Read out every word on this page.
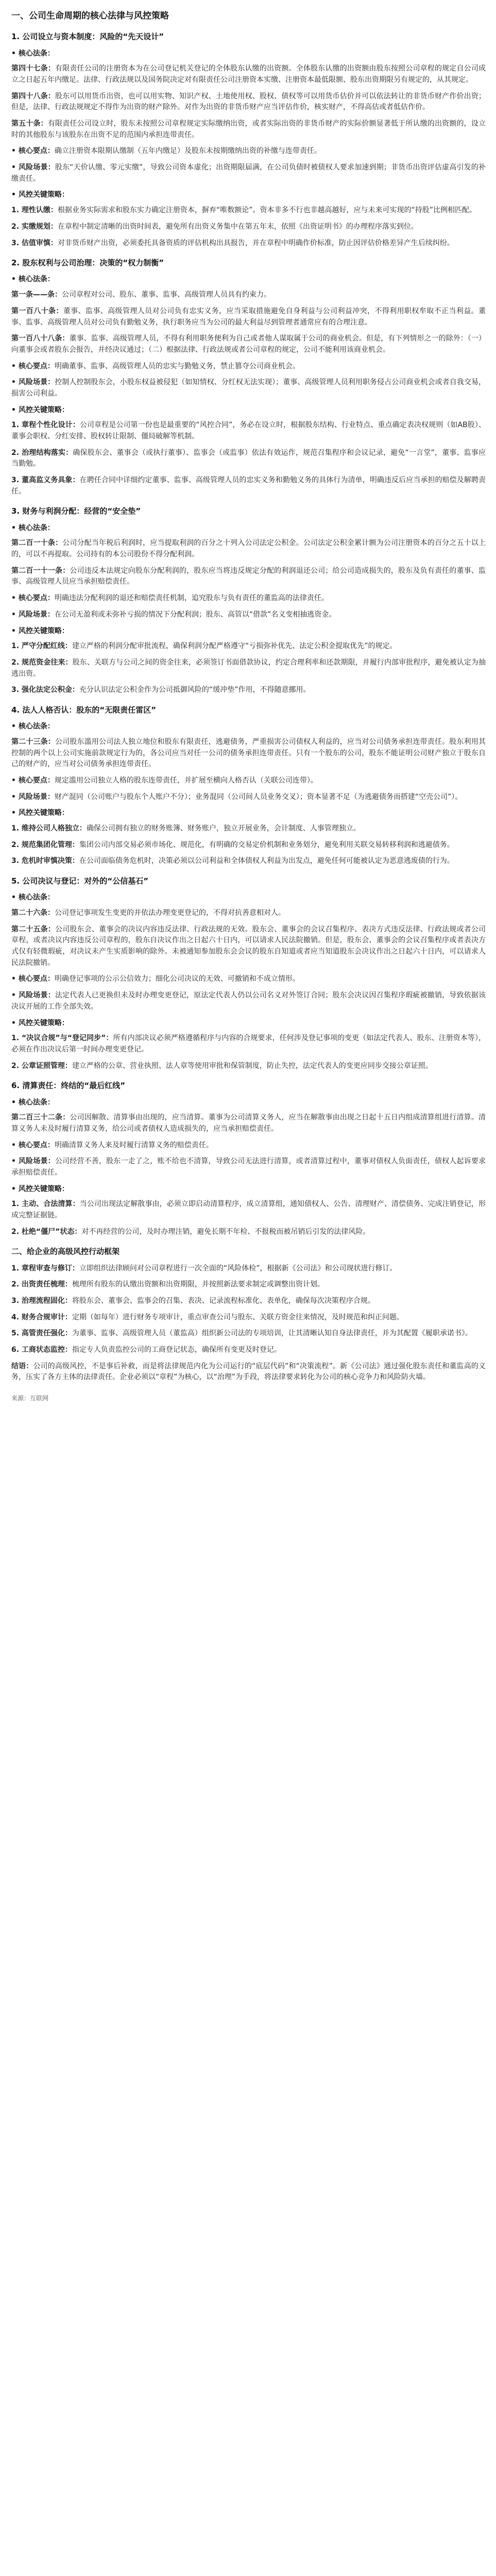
一、公司生命周期的核心法律与风控策略
1. 公司设立与资本制度：风险的“先天设计”
• 核心法条：
第四十七条：有限责任公司的注册资本为在公司登记机关登记的全体股东认缴的出资额。全体股东认缴的出资额由股东按照公司章程的规定自公司成立之日起五年内缴足。法律、行政法规以及国务院决定对有限责任公司注册资本实缴、注册资本最低限额、股东出资期限另有规定的，从其规定。
第四十八条：股东可以用货币出资，也可以用实物、知识产权、土地使用权、股权、债权等可以用货币估价并可以依法转让的非货币财产作价出资；但是，法律、行政法规规定不得作为出资的财产除外。对作为出资的非货币财产应当评估作价，核实财产，不得高估或者低估作价。
第五十条：有限责任公司设立时，股东未按照公司章程规定实际缴纳出资，或者实际出资的非货币财产的实际价额显著低于所认缴的出资额的，设立时的其他股东与该股东在出资不足的范围内承担连带责任。
• 核心要点：确立注册资本限期认缴制（五年内缴足）及股东未按期缴纳出资的补缴与连带责任。
• 风险场景：股东“天价认缴、零元实缴”，导致公司资本虚化；出资期限届满，在公司负债时被债权人要求加速到期；非货币出资评估虚高引发的补缴责任。
• 风控关键策略：
1. 理性认缴：根据业务实际需求和股东实力确定注册资本，摒弃“唯数额论”。资本非多不行也非越高越好，应与未来可实现的“持股”比例相匹配。
2. 实缴规划：在章程中制定清晰的出资时间表，避免所有出资义务集中在第五年末，依照《出资证明书》的办理程序落实到位。
3. 估值审慎：对非货币财产出资，必须委托具备资质的评估机构出具报告，并在章程中明确作价标准，防止因评估价格差异产生后续纠纷。
2. 股东权利与公司治理：决策的“权力制衡”
• 核心法条：
第一条——条：公司章程对公司、股东、董事、监事、高级管理人员具有约束力。
第一百八十条：董事、监事、高级管理人员对公司负有忠实义务，应当采取措施避免自身利益与公司利益冲突，不得利用职权牟取不正当利益。董事、监事、高级管理人员对公司负有勤勉义务，执行职务应当为公司的最大利益尽到管理者通常应有的合理注意。
第一百八十八条：董事、监事、高级管理人员，不得有利用职务便利为自己或者他人谋取属于公司的商业机会。但是，有下列情形之一的除外：（一）向董事会或者股东会报告，并经决议通过；（二）根据法律、行政法规或者公司章程的规定，公司不能利用该商业机会。
• 核心要点：明确董事、监事、高级管理人员的忠实与勤勉义务，禁止篡夺公司商业机会。
• 风险场景：控制人控制股东会，小股东权益被侵犯（如知情权、分红权无法实现）；董事、高级管理人员利用职务侵占公司商业机会或者自我交易，损害公司利益。
• 风控关键策略：
1. 章程个性化设计：公司章程是公司第一份也是最重要的“风控合同”，务必在设立时，根据股东结构、行业特点、重点确定表决权规则（如AB股）、董事会职权、分红安排、股权转让限制、僵局破解等机制。
2. 治理结构落实：确保股东会、董事会（或执行董事）、监事会（或监事）依法有效运作，规范召集程序和会议记录，避免“一言堂”，董事、监事应当勤勉。
3. 董高监义务具象：在聘任合同中详细约定董事、监事、高级管理人员的忠实义务和勤勉义务的具体行为清单，明确违反后应当承担的赔偿及解聘责任。
3. 财务与利润分配：经营的“安全垫”
• 核心法条：
第二百一十条：公司分配当年税后利润时，应当提取利润的百分之十列入公司法定公积金。公司法定公积金累计额为公司注册资本的百分之五十以上的，可以不再提取。公司持有的本公司股份不得分配利润。
第二百一十一条：公司违反本法规定向股东分配利润的，股东应当将违反规定分配的利润退还公司；给公司造成损失的，股东及负有责任的董事、监事、高级管理人员应当承担赔偿责任。
• 核心要点：明确违法分配利润的退还和赔偿责任机制，追究股东与负有责任的董监高的法律责任。
• 风险场景：在公司无盈利或未弥补亏损的情况下分配利润；股东、高管以“借款”名义变相抽逃资金。
• 风控关键策略：
1. 严守分配红线：建立严格的利润分配审批流程，确保利润分配严格遵守“亏损弥补优先、法定公积金提取优先”的规定。
2. 规范资金往来：股东、关联方与公司之间的资金往来，必须签订书面借款协议，约定合理利率和还款期限，并履行内部审批程序，避免被认定为抽逃出资。
3. 强化法定公积金：充分认识法定公积金作为公司抵御风险的“缓冲垫”作用，不得随意挪用。
4. 法人人格否认：股东的“无限责任雷区”
• 核心法条：
第二十三条：公司股东滥用公司法人独立地位和股东有限责任，逃避债务，严重损害公司债权人利益的，应当对公司债务承担连带责任。股东利用其控制的两个以上公司实施前款规定行为的，各公司应当对任一公司的债务承担连带责任。只有一个股东的公司，股东不能证明公司财产独立于股东自己的财产的，应当对公司债务承担连带责任。
• 核心要点：规定滥用公司独立人格的股东连带责任，并扩展至横向人格否认（关联公司连带）。
• 风险场景：财产混同（公司账户与股东个人账户不分）；业务混同（公司间人员业务交叉）；资本显著不足（为逃避债务而搭建“空壳公司”）。
• 风控关键策略：
1. 维持公司人格独立：确保公司拥有独立的财务账簿、财务账户，独立开展业务，会计制度、人事管理独立。
2. 规范集团化管理：集团公司内部交易必须市场化、规范化，有明确的交易定价机制和业务划分，避免利用关联交易转移利润和逃避债务。
3. 危机时审慎决策：在公司面临债务危机时，决策必须以公司利益和全体债权人利益为出发点，避免任何可能被认定为恶意逃废债的行为。
5. 公司决议与登记：对外的“公信基石”
• 核心法条：
第二十六条：公司登记事项发生变更的并依法办理变更登记的，不得对抗善意相对人。
第二十五条：公司股东会、董事会的决议内容违反法律、行政法规的无效。股东会、董事会的会议召集程序、表决方式违反法律、行政法规或者公司章程，或者决议内容违反公司章程的，股东自决议作出之日起六十日内，可以请求人民法院撤销。但是，股东会、董事会的会议召集程序或者表决方式仅有轻微瑕疵，对决议未产生实质影响的除外。未被通知参加股东会会议的股东自知道或者应当知道股东会决议作出之日起六十日内，可以请求人民法院撤销。
• 核心要点：明确登记事项的公示公信效力；细化公司决议的无效、可撤销和不成立情形。
• 风险场景：法定代表人已更换但未及时办理变更登记，原法定代表人仍以公司名义对外签订合同；股东会决议因召集程序瑕疵被撤销，导致依据该决议开展的工作全部失效。
• 风控关键策略：
1. “决议合规”与“登记同步”：所有内部决议必须严格遵循程序与内容的合规要求，任何涉及登记事项的变更（如法定代表人、股东、注册资本等），必须在作出决议后第一时间办理变更登记。
2. 公章证照管理：建立严格的公章、营业执照、法人章等使用审批和保管制度，防止失控，法定代表人的变更应同步交接公章证照。
6. 清算责任：终结的“最后红线”
• 核心法条：
第二百三十二条：公司因解散、清算事由出现的，应当清算。董事为公司清算义务人，应当在解散事由出现之日起十五日内组成清算组进行清算。清算义务人未及时履行清算义务，给公司或者债权人造成损失的，应当承担赔偿责任。
• 核心要点：明确清算义务人来及时履行清算义务的赔偿责任。
• 风险场景：公司经营不善，股东一走了之，账不给也不清算，导致公司无法进行清算，或者清算过程中，董事对债权人负面责任，债权人起诉要求承担赔偿责任。
• 风控关键策略：
1. 主动、合法清算：当公司出现法定解散事由，必须立即启动清算程序，成立清算组，通知债权人、公告、清理财产、清偿债务、完成注销登记，形成完整证据链。
2. 杜绝“僵尸”状态：对不再经营的公司，及时办理注销，避免长期不年检、不报税而被吊销后引发的法律风险。
二、给企业的高级风控行动框架
1. 章程审查与修订：立即组织法律顾问对公司章程进行一次全面的“风险体检”，根据新《公司法》和公司现状进行修订。
2. 出资责任梳理：梳理所有股东的认缴出资额和出资期限，并按照新法要求制定或调整出资计划。
3. 治理流程固化：将股东会、董事会、监事会的召集、表决、记录流程标准化、表单化，确保每次决策程序合规。
4. 财务合规审计：定期（如每年）进行财务专项审计，重点审查公司与股东、关联方资金往来情况，及时规范和纠正问题。
5. 高管责任强化：为董事、监事、高级管理人员（董监高）组织新公司法的专项培训，让其清晰认知自身法律责任，并为其配置《履职承诺书》。
6. 工商状态监控：指定专人负责监控公司的工商登记状态，确保所有变更及时登记。
结语：公司的高级风控，不是事后补救，而是将法律规范内化为公司运行的“底层代码”和“决策流程”。新《公司法》通过强化股东责任和董监高的义务，压实了各方主体的法律责任。企业必须以“章程”为核心，以“治理”为手段，将法律要求转化为公司的核心竞争力和风险防火墙。
来源：互联网
